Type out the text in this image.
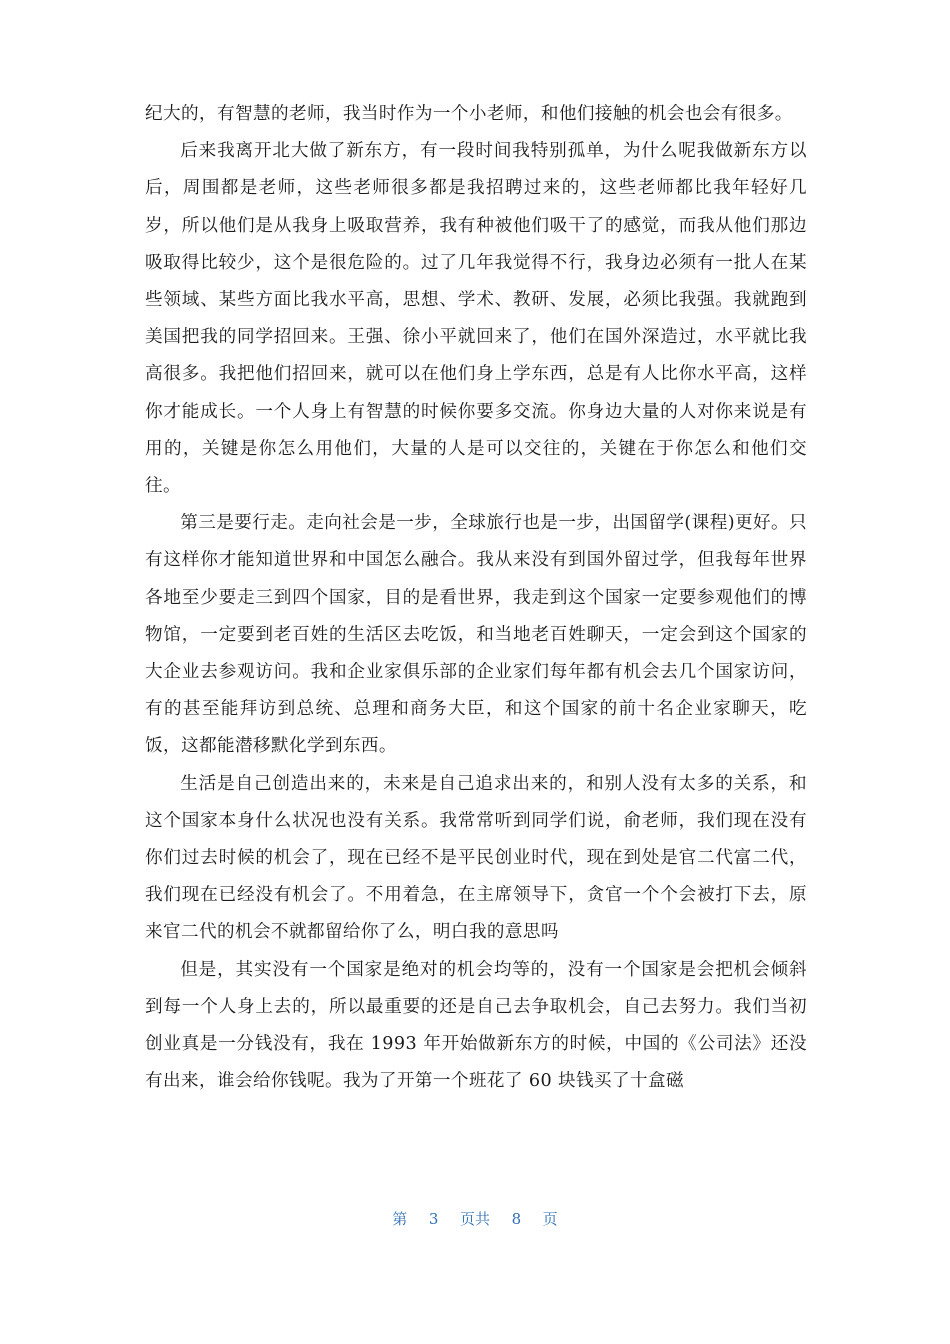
纪大的，有智慧的老师，我当时作为一个小老师，和他们接触的机会也会有很多。

后来我离开北大做了新东方，有一段时间我特别孤单，为什么呢我做新东方以后，周围都是老师，这些老师很多都是我招聘过来的，这些老师都比我年轻好几岁，所以他们是从我身上吸取营养，我有种被他们吸干了的感觉，而我从他们那边吸取得比较少，这个是很危险的。过了几年我觉得不行，我身边必须有一批人在某些领域、某些方面比我水平高，思想、学术、教研、发展，必须比我强。我就跑到美国把我的同学招回来。王强、徐小平就回来了，他们在国外深造过，水平就比我高很多。我把他们招回来，就可以在他们身上学东西，总是有人比你水平高，这样你才能成长。一个人身上有智慧的时候你要多交流。你身边大量的人对你来说是有用的，关键是你怎么用他们，大量的人是可以交往的，关键在于你怎么和他们交往。

第三是要行走。走向社会是一步，全球旅行也是一步，出国留学(课程)更好。只有这样你才能知道世界和中国怎么融合。我从来没有到国外留过学，但我每年世界各地至少要走三到四个国家，目的是看世界，我走到这个国家一定要参观他们的博物馆，一定要到老百姓的生活区去吃饭，和当地老百姓聊天，一定会到这个国家的大企业去参观访问。我和企业家俱乐部的企业家们每年都有机会去几个国家访问，有的甚至能拜访到总统、总理和商务大臣，和这个国家的前十名企业家聊天，吃饭，这都能潜移默化学到东西。

生活是自己创造出来的，未来是自己追求出来的，和别人没有太多的关系，和这个国家本身什么状况也没有关系。我常常听到同学们说，俞老师，我们现在没有你们过去时候的机会了，现在已经不是平民创业时代，现在到处是官二代富二代，我们现在已经没有机会了。不用着急，在主席领导下，贪官一个个会被打下去，原来官二代的机会不就都留给你了么，明白我的意思吗

但是，其实没有一个国家是绝对的机会均等的，没有一个国家是会把机会倾斜到每一个人身上去的，所以最重要的还是自己去争取机会，自己去努力。我们当初创业真是一分钱没有，我在 1993 年开始做新东方的时候，中国的《公司法》还没有出来，谁会给你钱呢。我为了开第一个班花了 60 块钱买了十盒磁

第 3 页共 8 页
